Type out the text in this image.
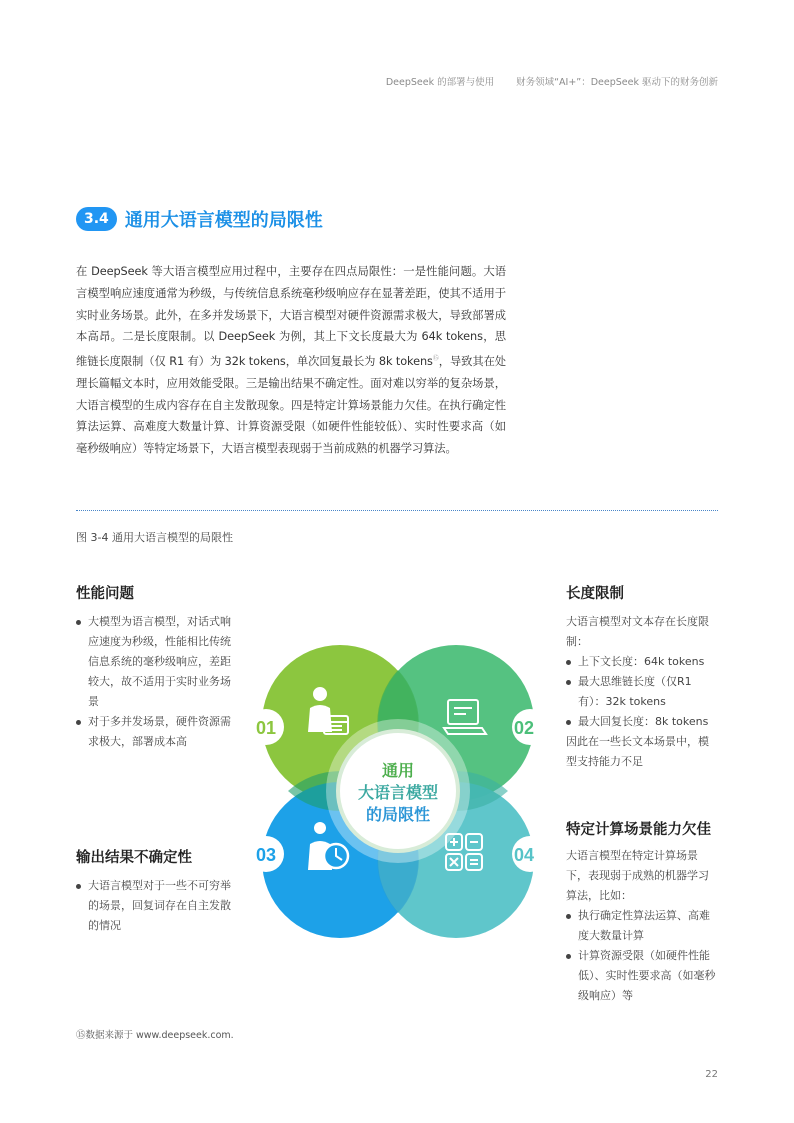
DeepSeek 的部署与使用 财务领域“AI+”：DeepSeek 驱动下的财务创新
3.4 通用大语言模型的局限性

在 DeepSeek 等大语言模型应用过程中，主要存在四点局限性：一是性能问题。大语言模型响应速度通常为秒级，与传统信息系统毫秒级响应存在显著差距，使其不适用于实时业务场景。此外，在多并发场景下，大语言模型对硬件资源需求极大，导致部署成本高昂。二是长度限制。以 DeepSeek 为例，其上下文长度最大为 64k tokens，思维链长度限制（仅 R1 有）为 32k tokens，单次回复最长为 8k tokens⑮，导致其在处理长篇幅文本时，应用效能受限。三是输出结果不确定性。面对难以穷举的复杂场景，大语言模型的生成内容存在自主发散现象。四是特定计算场景能力欠佳。在执行确定性算法运算、高难度大数量计算、计算资源受限（如硬件性能较低）、实时性要求高（如毫秒级响应）等特定场景下，大语言模型表现弱于当前成熟的机器学习算法。

图 3-4 通用大语言模型的局限性
性能问题
大模型为语言模型，对话式响应速度为秒级，性能相比传统信息系统的毫秒级响应，差距较大，故不适用于实时业务场景
对于多并发场景，硬件资源需求极大，部署成本高
长度限制

大语言模型对文本存在长度限制：

上下文长度：64k tokens
最大思维链长度（仅R1有）：32k tokens
最大回复长度：8k tokens

因此在一些长文本场景中，模型支持能力不足

输出结果不确定性
大语言模型对于一些不可穷举的场景，回复词存在自主发散的情况
特定计算场景能力欠佳

大语言模型在特定计算场景下，表现弱于成熟的机器学习算法，比如：

执行确定性算法运算、高难度大数量计算
计算资源受限（如硬件性能低）、实时性要求高（如毫秒级响应）等
01	02
03	04
通用
大语言模型
的局限性
⑮数据来源于 www.deepseek.com.
22
